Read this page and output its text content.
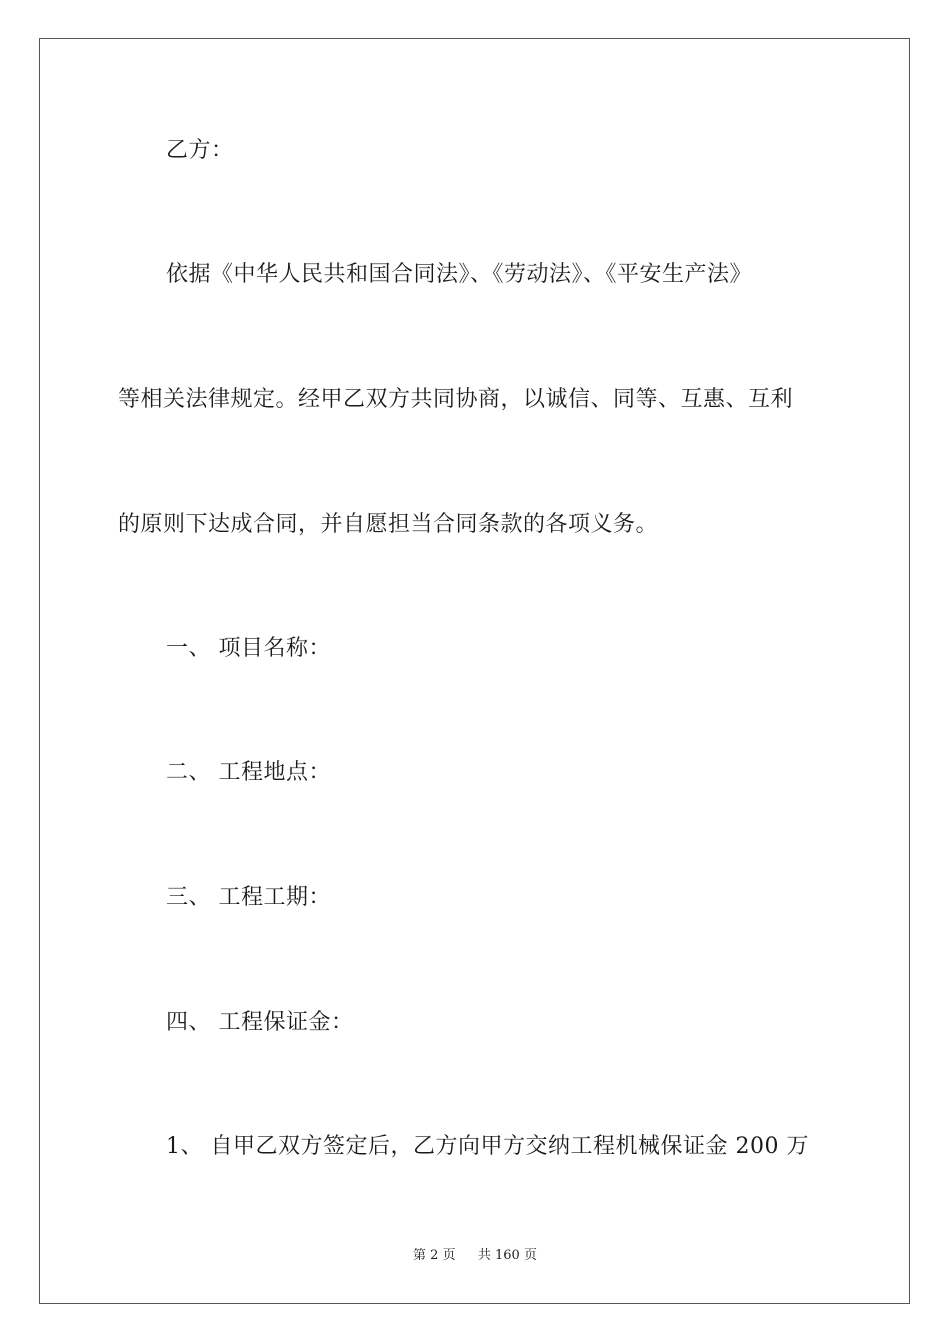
乙方：
依据《中华人民共和国合同法》、《劳动法》、《平安生产法》
等相关法律规定。经甲乙双方共同协商，以诚信、同等、互惠、互利
的原则下达成合同，并自愿担当合同条款的各项义务。
一、 项目名称：
二、 工程地点：
三、 工程工期：
四、 工程保证金：
1、 自甲乙双方签定后，乙方向甲方交纳工程机械保证金 200 万
第 2 页 共 160 页
